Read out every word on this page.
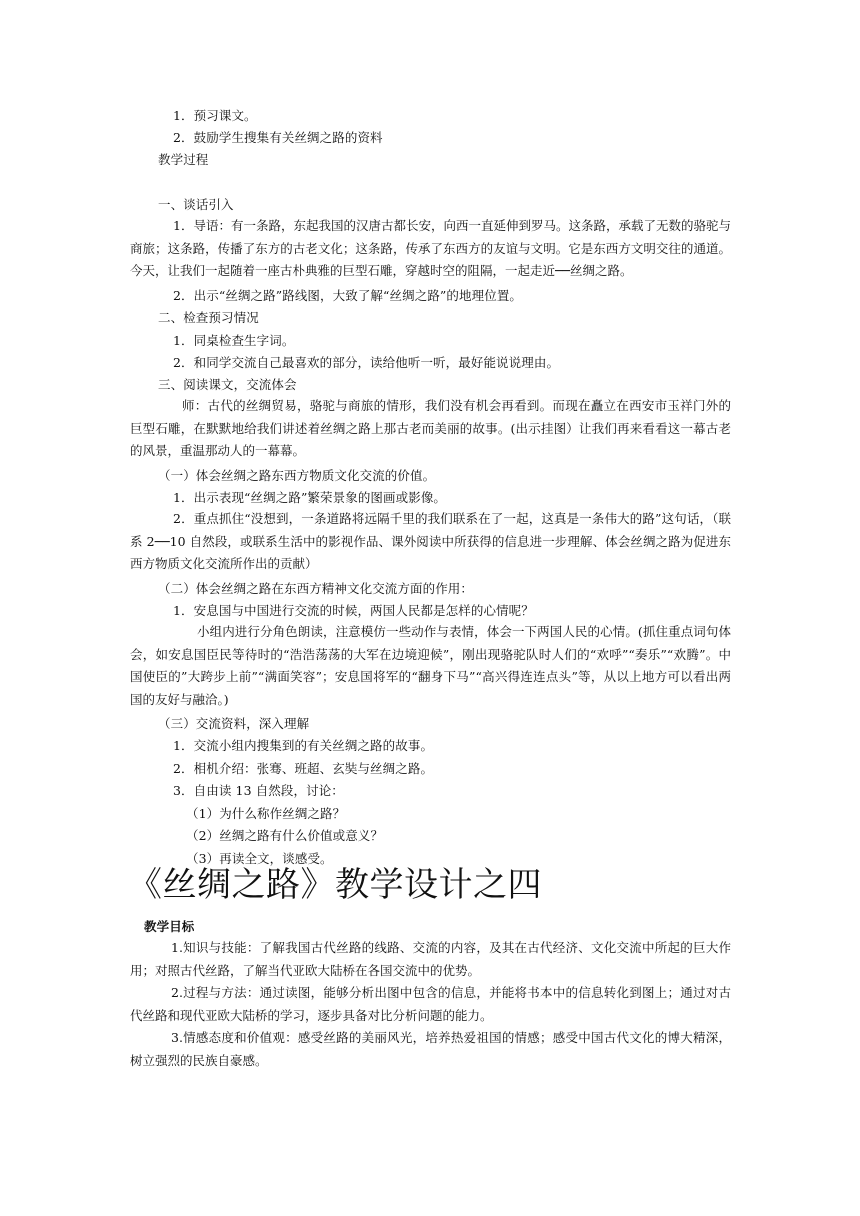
1．预习课文。
2．鼓励学生搜集有关丝绸之路的资料
教学过程
一、谈话引入
1．导语：有一条路，东起我国的汉唐古都长安，向西一直延伸到罗马。这条路，承载了无数的骆驼与商旅；这条路，传播了东方的古老文化；这条路，传承了东西方的友谊与文明。它是东西方文明交往的通道。今天，让我们一起随着一座古朴典雅的巨型石雕，穿越时空的阻隔，一起走近──丝绸之路。
2．出示“丝绸之路”路线图，大致了解“丝绸之路”的地理位置。
二、检查预习情况
1．同桌检查生字词。
2．和同学交流自己最喜欢的部分，读给他听一听，最好能说说理由。
三、阅读课文，交流体会
师：古代的丝绸贸易，骆驼与商旅的情形，我们没有机会再看到。而现在矗立在西安市玉祥门外的巨型石雕，在默默地给我们讲述着丝绸之路上那古老而美丽的故事。(出示挂图）让我们再来看看这一幕古老的风景，重温那动人的一幕幕。
（一）体会丝绸之路东西方物质文化交流的价值。
1．出示表现“丝绸之路”繁荣景象的图画或影像。
2．重点抓住“没想到，一条道路将远隔千里的我们联系在了一起，这真是一条伟大的路”这句话，（联系 2──10 自然段，或联系生活中的影视作品、课外阅读中所获得的信息进一步理解、体会丝绸之路为促进东西方物质文化交流所作出的贡献）
（二）体会丝绸之路在东西方精神文化交流方面的作用：
1．安息国与中国进行交流的时候，两国人民都是怎样的心情呢？
小组内进行分角色朗读，注意模仿一些动作与表情，体会一下两国人民的心情。(抓住重点词句体会，如安息国臣民等待时的“浩浩荡荡的大军在边境迎候”，刚出现骆驼队时人们的“欢呼”“奏乐”“欢腾”。中国使臣的”大跨步上前”“满面笑容”；安息国将军的“翻身下马”“高兴得连连点头”等，从以上地方可以看出两国的友好与融洽。)
（三）交流资料，深入理解
1．交流小组内搜集到的有关丝绸之路的故事。
2．相机介绍：张骞、班超、玄奘与丝绸之路。
3．自由读 13 自然段，讨论：
（1）为什么称作丝绸之路？
（2）丝绸之路有什么价值或意义？
（3）再读全文，谈感受。
《丝绸之路》教学设计之四
教学目标
1.知识与技能：了解我国古代丝路的线路、交流的内容，及其在古代经济、文化交流中所起的巨大作用；对照古代丝路，了解当代亚欧大陆桥在各国交流中的优势。
2.过程与方法：通过读图，能够分析出图中包含的信息，并能将书本中的信息转化到图上；通过对古代丝路和现代亚欧大陆桥的学习，逐步具备对比分析问题的能力。
3.情感态度和价值观：感受丝路的美丽风光，培养热爱祖国的情感；感受中国古代文化的博大精深，树立强烈的民族自豪感。
